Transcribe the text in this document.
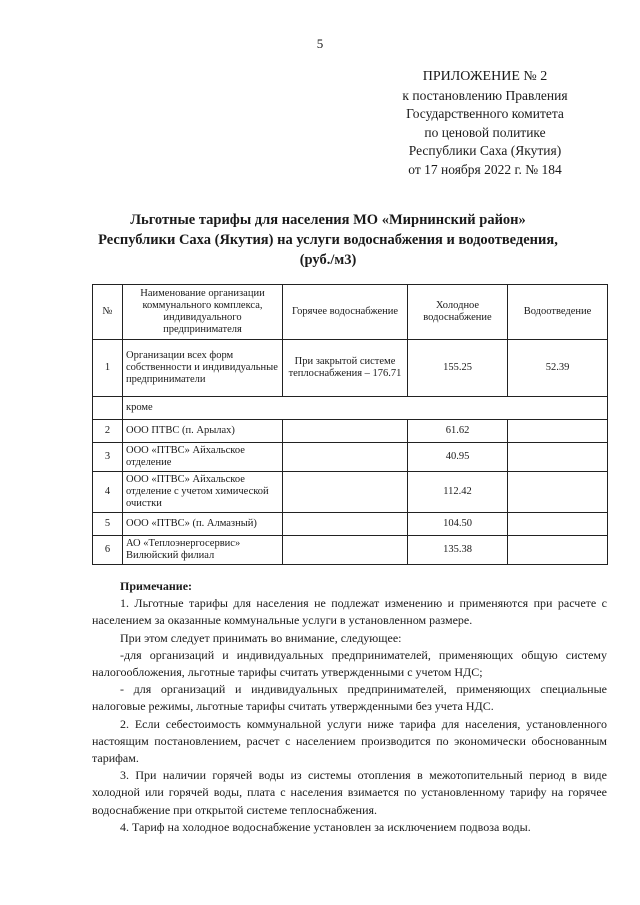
5
ПРИЛОЖЕНИЕ № 2
к постановлению Правления
Государственного комитета
по ценовой политике
Республики Саха (Якутия)
от 17 ноября 2022 г. № 184
Льготные тарифы для населения МО «Мирнинский район»
Республики Саха (Якутия) на услуги водоснабжения и водоотведения,
(руб./м3)
№	Наименование организации коммунального комплекса, индивидуального предпринимателя	Горячее водоснабжение	Холодное водоснабжение	Водоотведение
1	Организации всех форм собственности и индивидуальные предприниматели	При закрытой системе теплоснабжения – 176.71	155.25	52.39
	кроме			
2	ООО ПТВС (п. Арылах)		61.62	
3	ООО «ПТВС» Айхальское отделение		40.95	
4	ООО «ПТВС» Айхальское отделение с учетом химической очистки		112.42	
5	ООО «ПТВС» (п. Алмазный)		104.50	
6	АО «Теплоэнергосервис» Вилюйский филиал		135.38	
Примечание:

1. Льготные тарифы для населения не подлежат изменению и применяются при расчете с населением за оказанные коммунальные услуги в установленном размере.

При этом следует принимать во внимание, следующее:

-для организаций и индивидуальных предпринимателей, применяющих общую систему налогообложения, льготные тарифы считать утвержденными с учетом НДС;

- для организаций и индивидуальных предпринимателей, применяющих специальные налоговые режимы, льготные тарифы считать утвержденными без учета НДС.

2. Если себестоимость коммунальной услуги ниже тарифа для населения, установленного настоящим постановлением, расчет с населением производится по экономически обоснованным тарифам.

3. При наличии горячей воды из системы отопления в межотопительный период в виде холодной или горячей воды, плата с населения взимается по установленному тарифу на горячее водоснабжение при открытой системе теплоснабжения.

4. Тариф на холодное водоснабжение установлен за исключением подвоза воды.
